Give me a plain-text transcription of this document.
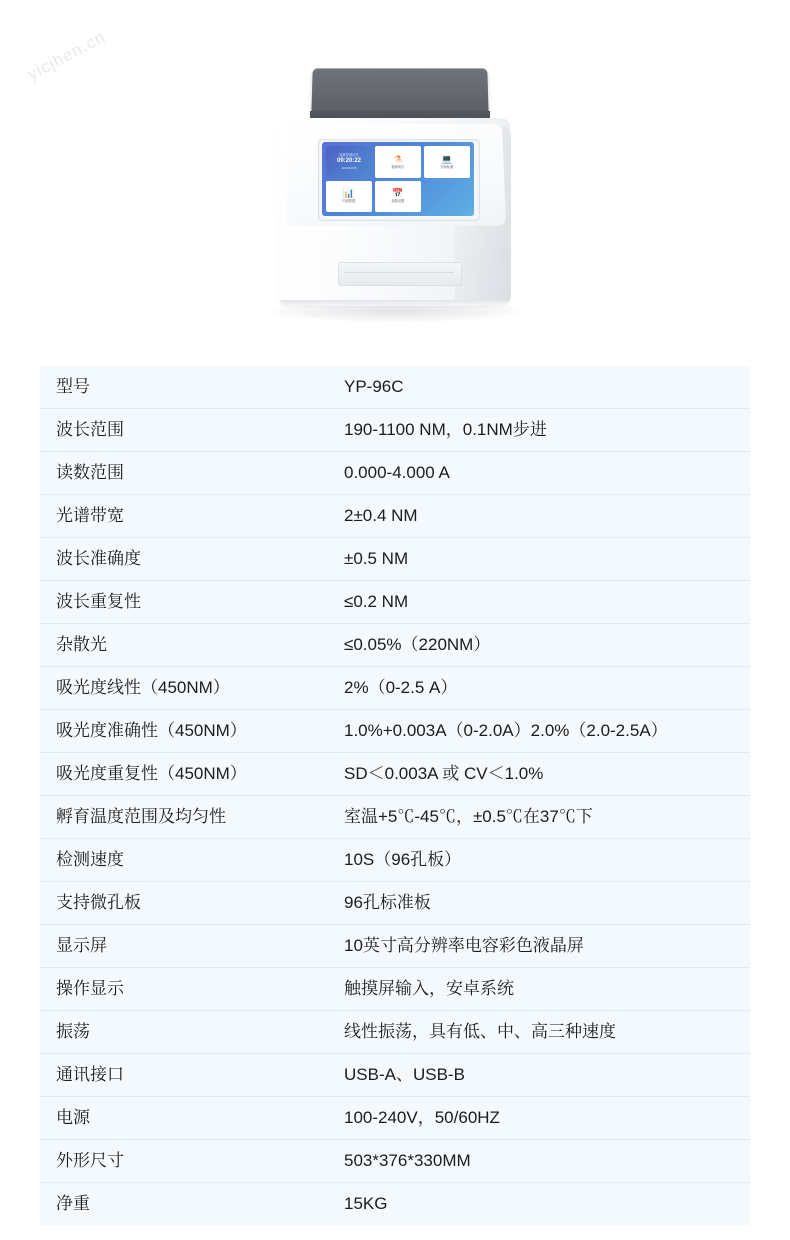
yicjhen.cn
温度控制状态
09:20:22
2021/10/06
⚗
检测项目
💻
开始检测
📊
内部数据
📅
参数设置
型号	YP-96C
波长范围	190-1100 NM，0.1NM步进
读数范围	0.000-4.000 A
光谱带宽	2±0.4 NM
波长准确度	±0.5 NM
波长重复性	≤0.2 NM
杂散光	≤0.05%（220NM）
吸光度线性（450NM）	2%（0-2.5 A）
吸光度准确性（450NM）	1.0%+0.003A（0-2.0A）2.0%（2.0-2.5A）
吸光度重复性（450NM）	SD＜0.003A 或 CV＜1.0%
孵育温度范围及均匀性	室温+5℃-45℃，±0.5℃在37℃下
检测速度	10S（96孔板）
支持微孔板	96孔标准板
显示屏	10英寸高分辨率电容彩色液晶屏
操作显示	触摸屏输入，安卓系统
振荡	线性振荡，具有低、中、高三种速度
通讯接口	USB-A、USB-B
电源	100-240V，50/60HZ
外形尺寸	503*376*330MM
净重	15KG
